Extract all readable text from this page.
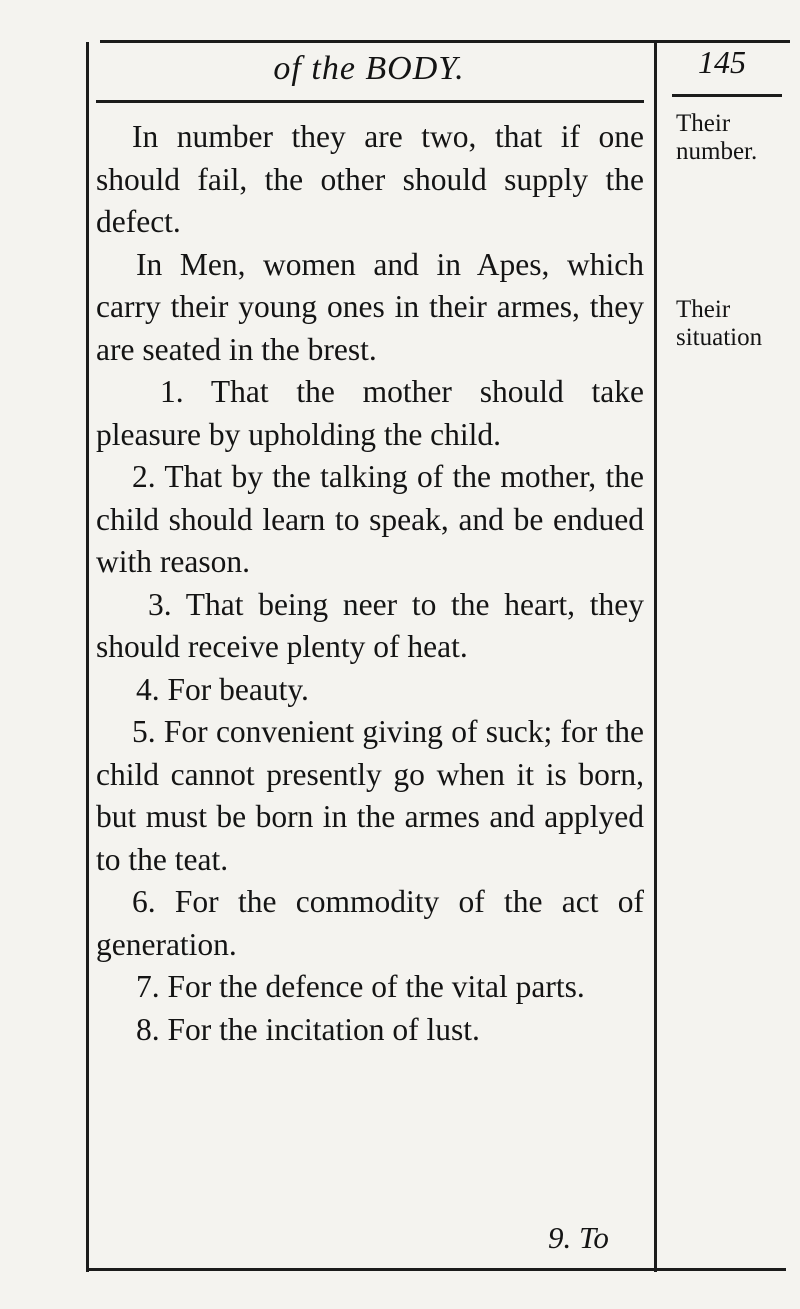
of the BODY.	145
Their number.
Their situation

In number they are two, that if one should fail, the other should supply the defect.

In Men, women and in Apes, which carry their young ones in their armes, they are seated in the brest.

1. That the mother should take pleasure by upholding the child.

2. That by the talking of the mother, the child should learn to speak, and be endued with reason.

3. That being neer to the heart, they should receive plenty of heat.

4. For beauty.

5. For convenient giving of suck; for the child cannot presently go when it is born, but must be born in the armes and applyed to the teat.

6. For the commodity of the act of generation.

7. For the defence of the vital parts.

8. For the incitation of lust.

9. To
